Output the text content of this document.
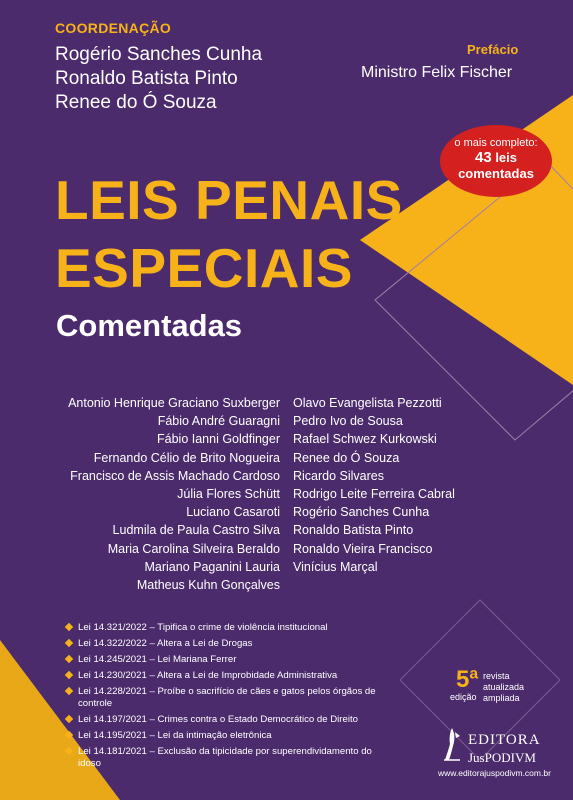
COORDENAÇÃO
Rogério Sanches Cunha
Ronaldo Batista Pinto
Renee do Ó Souza
Prefácio
Ministro Felix Fischer
o mais completo:
43 leis
comentadas
LEIS PENAIS
ESPECIAIS
Comentadas
Antonio Henrique Graciano Suxberger
Fábio André Guaragni
Fábio Ianni Goldfinger
Fernando Célio de Brito Nogueira
Francisco de Assis Machado Cardoso
Júlia Flores Schütt
Luciano Casaroti
Ludmila de Paula Castro Silva
Maria Carolina Silveira Beraldo
Mariano Paganini Lauria
Matheus Kuhn Gonçalves
Olavo Evangelista Pezzotti
Pedro Ivo de Sousa
Rafael Schwez Kurkowski
Renee do Ó Souza
Ricardo Silvares
Rodrigo Leite Ferreira Cabral
Rogério Sanches Cunha
Ronaldo Batista Pinto
Ronaldo Vieira Francisco
Vinícius Marçal
Lei 14.321/2022 – Tipifica o crime de violência institucional
Lei 14.322/2022 – Altera a Lei de Drogas
Lei 14.245/2021 – Lei Mariana Ferrer
Lei 14.230/2021 – Altera a Lei de Improbidade Administrativa
Lei 14.228/2021 – Proíbe o sacrifício de cães e gatos pelos órgãos de controle
Lei 14.197/2021 – Crimes contra o Estado Democrático de Direito
Lei 14.195/2021 – Lei da intimação eletrônica
Lei 14.181/2021 – Exclusão da tipicidade por superendividamento do idoso
5ª
edição
revista
atualizada
ampliada
EDITORA
JusPODIVM
www.editorajuspodivm.com.br
